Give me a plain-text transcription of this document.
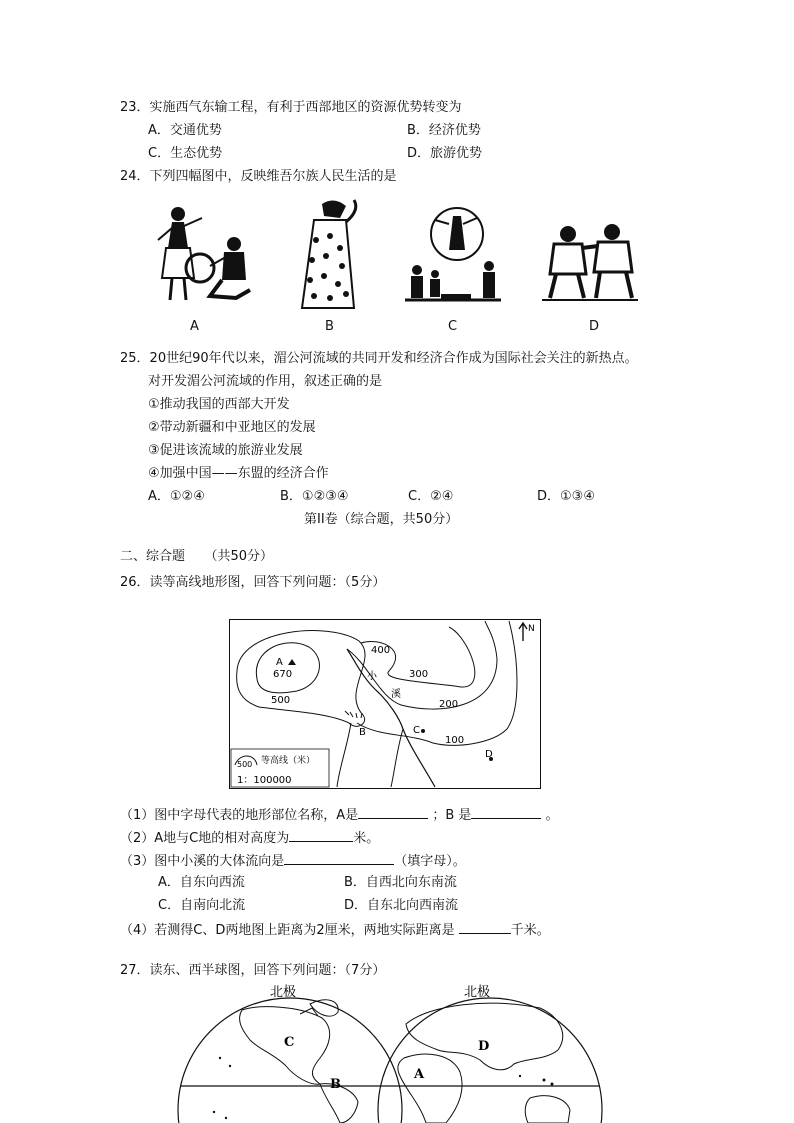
23．实施西气东输工程，有利于西部地区的资源优势转变为
A．交通优势	B．经济优势
C．生态优势	D．旅游优势
24．下列四幅图中，反映维吾尔族人民生活的是
A	B	C	D
25．20世纪90年代以来，湄公河流域的共同开发和经济合作成为国际社会关注的新热点。
对开发湄公河流域的作用，叙述正确的是
①推动我国的西部大开发
②带动新疆和中亚地区的发展
③促进该流域的旅游业发展
④加强中国——东盟的经济合作
A．①②④	B．①②③④	C．②④	D．①③④
第II卷（综合题，共50分）
二、综合题　　（共50分）
26．读等高线地形图，回答下列问题：（5分）
N
A
670
400
300
500	200
100
小
溪
B	C
D
500 等高线（米）
1：100000
（1）图中字母代表的地形部位名称，A是	；B 是	。
（2）A地与C地的相对高度为	米。
（3）图中小溪的大体流向是	（填字母）。
A．自东向西流	B．自西北向东南流
C．自南向北流	D．自东北向西南流
（4）若测得C、D两地图上距离为2厘米，两地实际距离是	千米。
27．读东、西半球图，回答下列问题：（7分）
北极	北极
C
B
D
A
